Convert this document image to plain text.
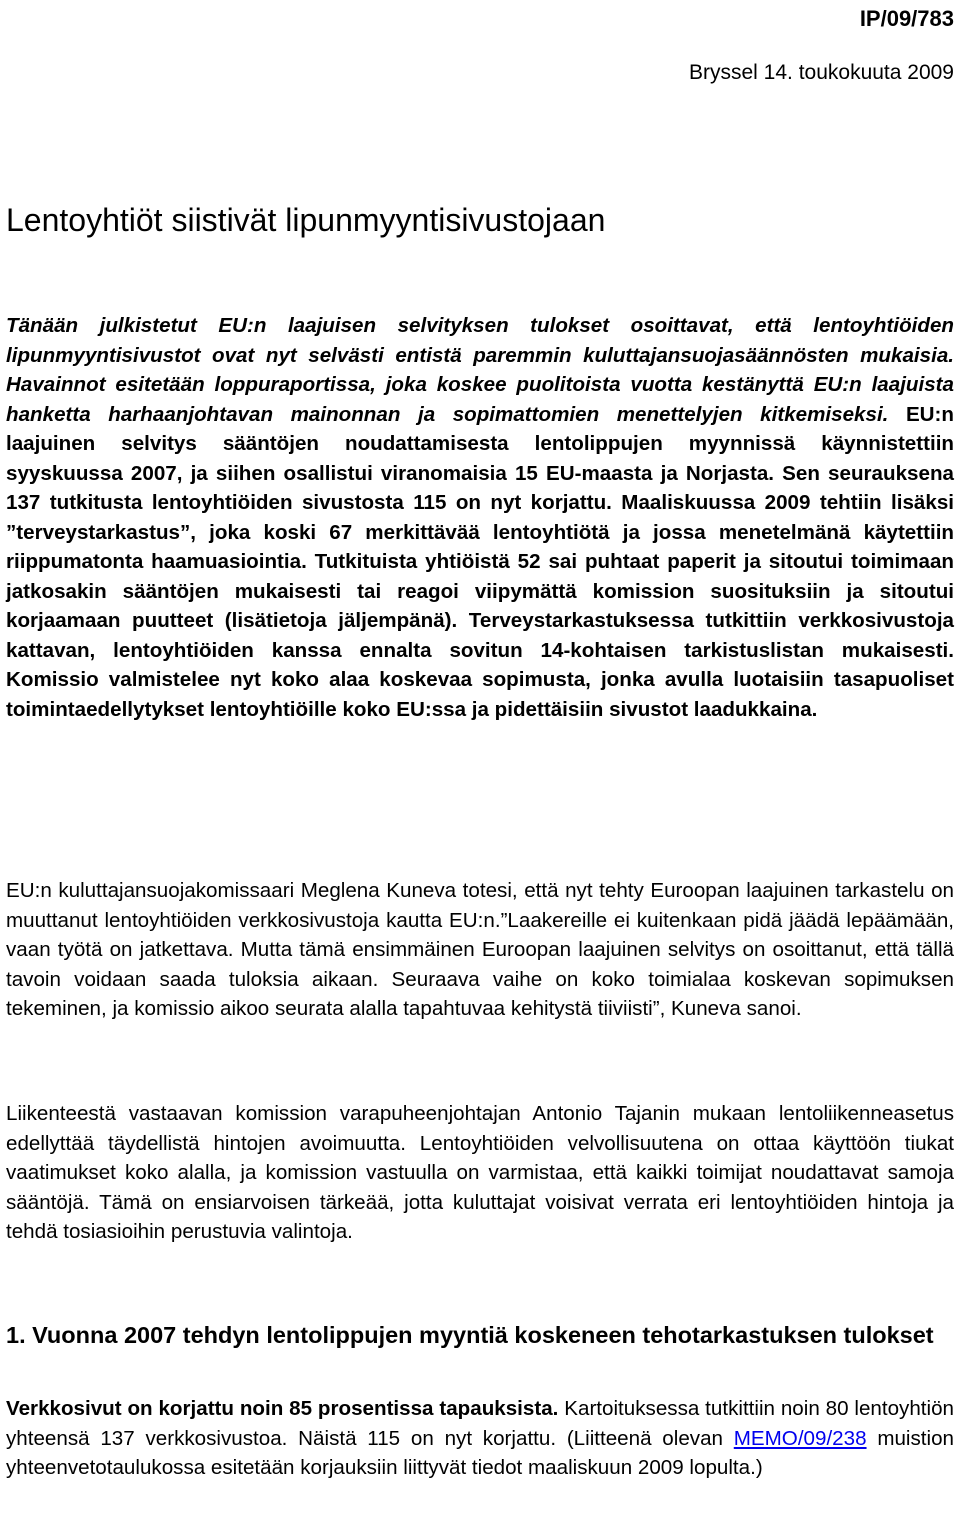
IP/09/783
Bryssel 14. toukokuuta 2009
Lentoyhtiöt siistivät lipunmyyntisivustojaan

Tänään julkistetut EU:n laajuisen selvityksen tulokset osoittavat, että lentoyhtiöiden lipunmyyntisivustot ovat nyt selvästi entistä paremmin kuluttajansuojasäännösten mukaisia. Havainnot esitetään loppuraportissa, joka koskee puolitoista vuotta kestänyttä EU:n laajuista hanketta harhaanjohtavan mainonnan ja sopimattomien menettelyjen kitkemiseksi. EU:n laajuinen selvitys sääntöjen noudattamisesta lentolippujen myynnissä käynnistettiin syyskuussa 2007, ja siihen osallistui viranomaisia 15 EU-maasta ja Norjasta. Sen seurauksena 137 tutkitusta lentoyhtiöiden sivustosta 115 on nyt korjattu. Maaliskuussa 2009 tehtiin lisäksi ”terveystarkastus”, joka koski 67 merkittävää lentoyhtiötä ja jossa menetelmänä käytettiin riippumatonta haamuasiointia. Tutkituista yhtiöistä 52 sai puhtaat paperit ja sitoutui toimimaan jatkosakin sääntöjen mukaisesti tai reagoi viipymättä komission suosituksiin ja sitoutui korjaamaan puutteet (lisätietoja jäljempänä). Terveystarkastuksessa tutkittiin verkkosivustoja kattavan, lentoyhtiöiden kanssa ennalta sovitun 14-kohtaisen tarkistuslistan mukaisesti. Komissio valmistelee nyt koko alaa koskevaa sopimusta, jonka avulla luotaisiin tasapuoliset toimintaedellytykset lentoyhtiöille koko EU:ssa ja pidettäisiin sivustot laadukkaina.

EU:n kuluttajansuojakomissaari Meglena Kuneva totesi, että nyt tehty Euroopan laajuinen tarkastelu on muuttanut lentoyhtiöiden verkkosivustoja kautta EU:n.”Laakereille ei kuitenkaan pidä jäädä lepäämään, vaan työtä on jatkettava. Mutta tämä ensimmäinen Euroopan laajuinen selvitys on osoittanut, että tällä tavoin voidaan saada tuloksia aikaan. Seuraava vaihe on koko toimialaa koskevan sopimuksen tekeminen, ja komissio aikoo seurata alalla tapahtuvaa kehitystä tiiviisti”, Kuneva sanoi.

Liikenteestä vastaavan komission varapuheenjohtajan Antonio Tajanin mukaan lentoliikenneasetus edellyttää täydellistä hintojen avoimuutta. Lentoyhtiöiden velvollisuutena on ottaa käyttöön tiukat vaatimukset koko alalla, ja komission vastuulla on varmistaa, että kaikki toimijat noudattavat samoja sääntöjä. Tämä on ensiarvoisen tärkeää, jotta kuluttajat voisivat verrata eri lentoyhtiöiden hintoja ja tehdä tosiasioihin perustuvia valintoja.

1. Vuonna 2007 tehdyn lentolippujen myyntiä koskeneen tehotarkastuksen tulokset

Verkkosivut on korjattu noin 85 prosentissa tapauksista. Kartoituksessa tutkittiin noin 80 lentoyhtiön yhteensä 137 verkkosivustoa. Näistä 115 on nyt korjattu. (Liitteenä olevan MEMO/09/238 muistion yhteenvetotaulukossa esitetään korjauksiin liittyvät tiedot maaliskuun 2009 lopulta.)
